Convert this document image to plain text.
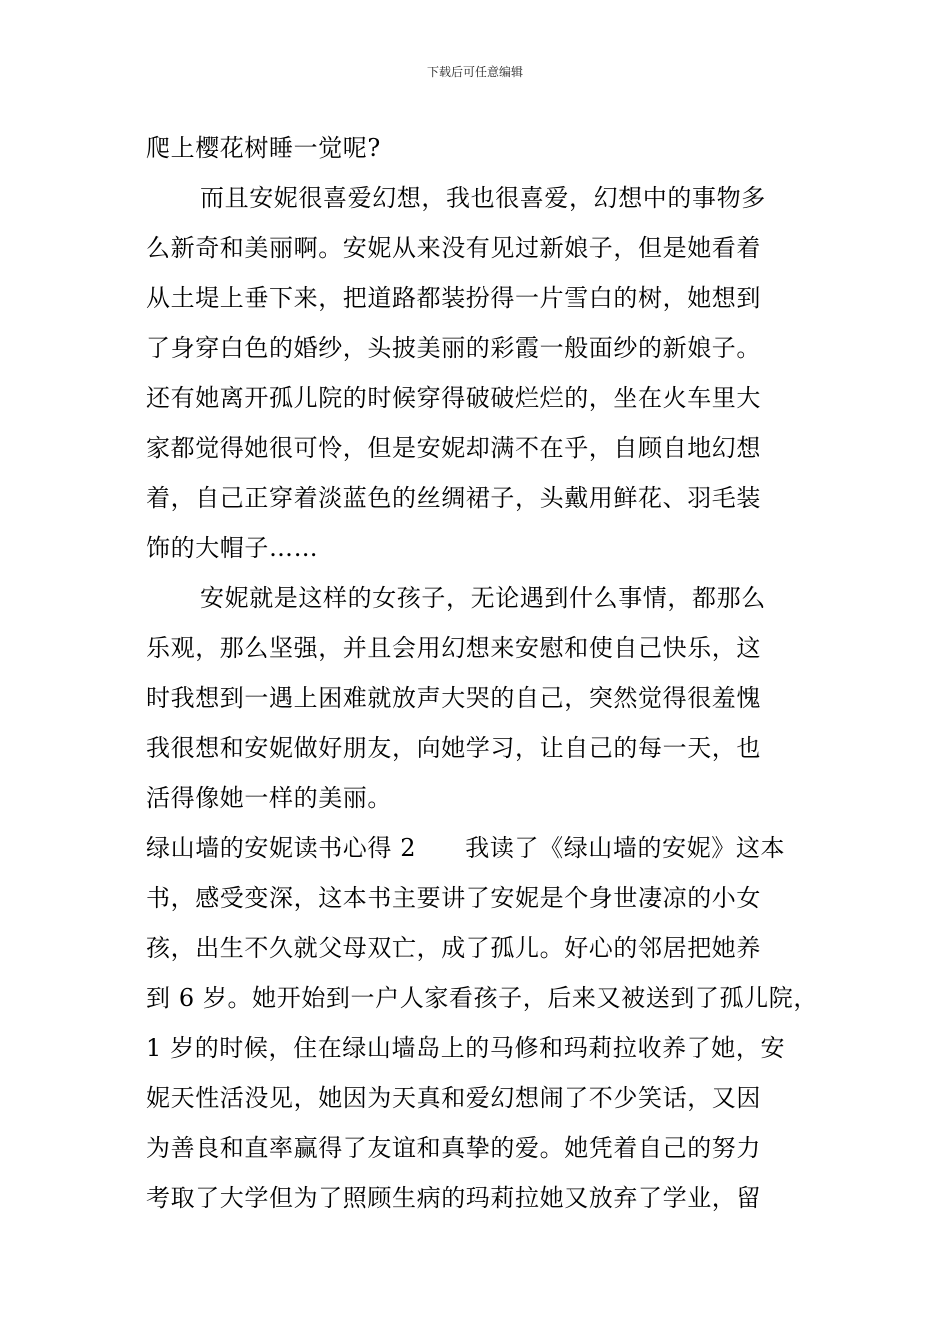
下载后可任意编辑
爬上樱花树睡一觉呢?
而且安妮很喜爱幻想，我也很喜爱，幻想中的事物多
么新奇和美丽啊。安妮从来没有见过新娘子，但是她看着
从土堤上垂下来，把道路都装扮得一片雪白的树，她想到
了身穿白色的婚纱，头披美丽的彩霞一般面纱的新娘子。
还有她离开孤儿院的时候穿得破破烂烂的，坐在火车里大
家都觉得她很可怜，但是安妮却满不在乎，自顾自地幻想
着，自己正穿着淡蓝色的丝绸裙子，头戴用鲜花、羽毛装
饰的大帽子……
安妮就是这样的女孩子，无论遇到什么事情，都那么
乐观，那么坚强，并且会用幻想来安慰和使自己快乐，这
时我想到一遇上困难就放声大哭的自己，突然觉得很羞愧
我很想和安妮做好朋友，向她学习，让自己的每一天，也
活得像她一样的美丽。
绿山墙的安妮读书心得 2　　我读了《绿山墙的安妮》这本
书，感受变深，这本书主要讲了安妮是个身世凄凉的小女
孩，出生不久就父母双亡，成了孤儿。好心的邻居把她养
到 6 岁。她开始到一户人家看孩子，后来又被送到了孤儿院，
1 岁的时候，住在绿山墙岛上的马修和玛莉拉收养了她，安
妮天性活没见，她因为天真和爱幻想闹了不少笑话，又因
为善良和直率赢得了友谊和真挚的爱。她凭着自己的努力
考取了大学但为了照顾生病的玛莉拉她又放弃了学业，留
